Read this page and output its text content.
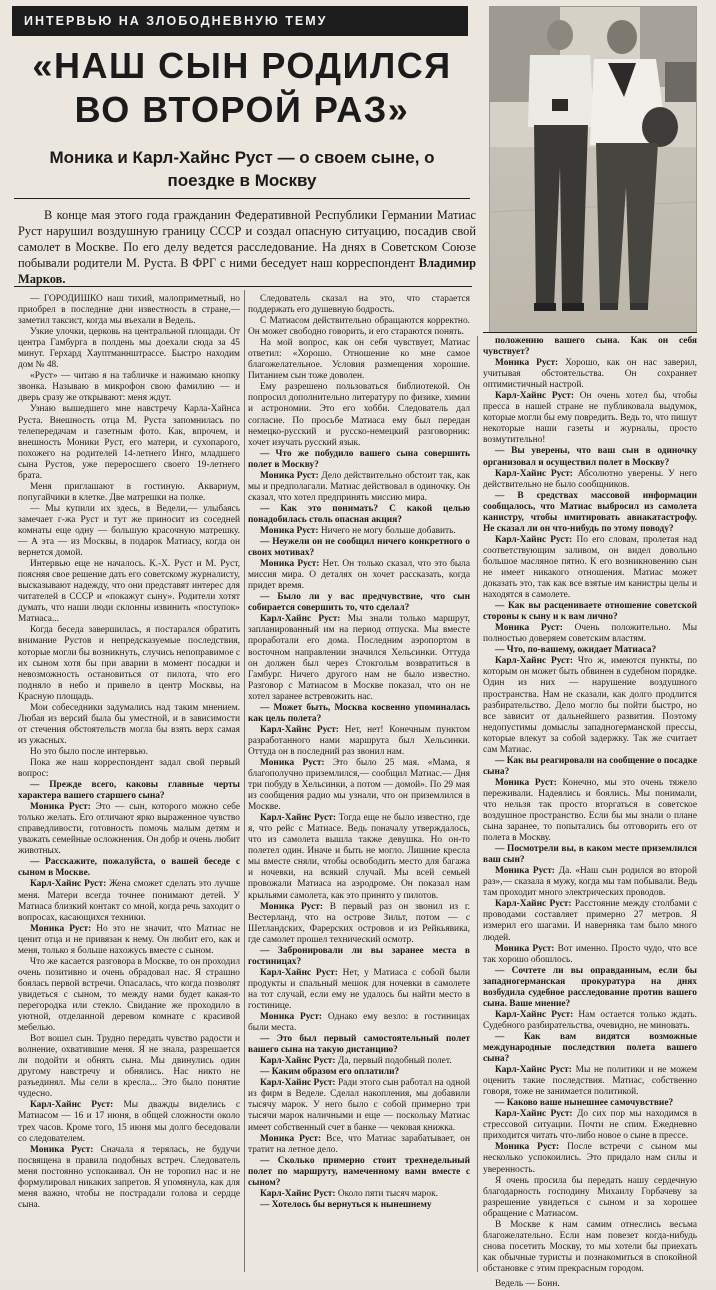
ИНТЕРВЬЮ НА ЗЛОБОДНЕВНУЮ ТЕМУ
«НАШ СЫН РОДИЛСЯ ВО ВТОРОЙ РАЗ»
Моника и Карл-Хайнс Руст — о своем сыне, о поездке в Москву

В конце мая этого года гражданин Федеративной Республики Германии Матиас Руст нарушил воздушную границу СССР и создал опасную ситуацию, посадив свой самолет в Москве. По его делу ведется расследование. На днях в Советском Союзе побывали родители М. Руста. В ФРГ с ними беседует наш корреспондент Владимир Марков.

— ГОРОДИШКО наш тихий, малоприметный, но приобрел в последние дни известность в стране,— заметил таксист, когда мы въехали в Ведель.

Узкие улочки, церковь на центральной площади. От центра Гамбурга в полдень мы доехали сюда за 45 минут. Герхард Хауптманнштрассе. Быстро находим дом № 48.

«Руст» — читаю я на табличке и нажимаю кнопку звонка. Называю в микрофон свою фамилию — и дверь сразу же открывают: меня ждут.

Узнаю вышедшего мне навстречу Карла-Хайнса Руста. Внешность отца М. Руста запомнилась по телепередачам и газетным фото. Как, впрочем, и внешность Моники Руст, его матери, и сухопарого, похожего на родителей 14-летнего Инго, младшего сына Рустов, уже переросшего своего 19-летнего брата.

Меня приглашают в гостиную. Аквариум, попугайчики в клетке. Две матрешки на полке.

— Мы купили их здесь, в Ведели,— улыбаясь замечает г-жа Руст и тут же приносит из соседней комнаты еще одну — большую красочную матрешку.— А эта — из Москвы, в подарок Матиасу, когда он вернется домой.

Интервью еще не началось. К.-Х. Руст и М. Руст, поясняя свое решение дать его советскому журналисту, высказывают надежду, что они представят интерес для читателей в СССР и «покажут сыну». Родители хотят думать, что наши люди склонны извинить «поступок» Матиаса...

Когда беседа завершилась, я постарался обратить внимание Рустов и непредсказуемые последствия, которые могли бы возникнуть, случись непоправимое с их сыном хотя бы при аварии в момент посадки и невозможность остановиться от пилота, что его подняло в небо и привело в центр Москвы, на Красную площадь.

Мои собеседники задумались над таким мнением. Любая из версий была бы уместной, и в зависимости от стечения обстоятельств могла бы взять верх самая из ужасных.

Но это было после интервью.

Пока же наш корреспондент задал свой первый вопрос:

— Прежде всего, каковы главные черты характера вашего старшего сына?

Моника Руст: Это — сын, которого можно себе только желать. Его отличают ярко выраженное чувство справедливости, готовность помочь малым детям и уважать семейные осложнения. Он добр и очень любит животных.

— Расскажите, пожалуйста, о вашей беседе с сыном в Москве.

Карл-Хайнс Руст: Жена сможет сделать это лучше меня. Матери всегда точнее понимают детей. У Матиаса близкий контакт со мной, когда речь заходит о вопросах, касающихся техники.

Моника Руст: Но это не значит, что Матиас не ценит отца и не привязан к нему. Он любит его, как и меня, только я больше нахожусь вместе с сыном.

Что же касается разговора в Москве, то он проходил очень позитивно и очень обрадовал нас. Я страшно боялась первой встречи. Опасалась, что когда позволят увидеться с сыном, то между нами будет какая-то перегородка или стекло. Свидание же проходило в уютной, отделанной деревом комнате с красивой мебелью.

Вот вошел сын. Трудно передать чувство радости и волнение, охватившие меня. Я не знала, разрешается ли подойти и обнять сына. Мы двинулись один другому навстречу и обнялись. Нас никто не разъединял. Мы сели в кресла... Это было понятие чудесно.

Карл-Хайнс Руст: Мы дважды виделись с Матиасом — 16 и 17 июня, в общей сложности около трех часов. Кроме того, 15 июня мы долго беседовали со следователем.

Моника Руст: Сначала я терялась, не будучи посвящена в правила подобных встреч. Следователь меня постоянно успокаивал. Он не торопил нас и не формулировал никаких запретов. Я упомянула, как для меня важно, чтобы не пострадали голова и сердце сына.

Следователь сказал на это, что старается поддержать его душевную бодрость.

С Матиасом действительно обращаются корректно. Он может свободно говорить, и его стараются понять.

На мой вопрос, как он себя чувствует, Матиас ответил: «Хорошо. Отношение ко мне самое благожелательное. Условия размещения хорошие. Питанием сын тоже доволен.

Ему разрешено пользоваться библиотекой. Он попросил дополнительно литературу по физике, химии и астрономии. Это его хобби. Следователь дал согласие. По просьбе Матиаса ему был передан немецко-русский и русско-немецкий разговорник: хочет изучать русский язык.

— Что же побудило вашего сына совершить полет в Москву?

Моника Руст: Дело действительно обстоит так, как мы и предполагали. Матиас действовал в одиночку. Он сказал, что хотел предпринять миссию мира.

— Как это понимать? С какой целью понадобилась столь опасная акция?

Моника Руст: Ничего не могу больше добавить.

— Неужели он не сообщил ничего конкретного о своих мотивах?

Моника Руст: Нет. Он только сказал, что это была миссия мира. О деталях он хочет рассказать, когда придет время.

— Было ли у вас предчувствие, что сын собирается совершить то, что сделал?

Карл-Хайнс Руст: Мы знали только маршрут, запланированный им на период отпуска. Мы вместе проработали его дома. Последним аэропортом в восточном направлении значился Хельсинки. Оттуда он должен был через Стокгольм возвратиться в Гамбург. Ничего другого нам не было известно. Разговор с Матиасом в Москве показал, что он не хотел заранее встревожить нас.

— Может быть, Москва косвенно упоминалась как цель полета?

Карл-Хайнс Руст: Нет, нет! Конечным пунктом разработанного нами маршрута был Хельсинки. Оттуда он в последний раз звонил нам.

Моника Руст: Это было 25 мая. «Мама, я благополучно приземлился,— сообщил Матиас.— Дня три побуду в Хельсинки, а потом — домой». По 29 мая из сообщения радио мы узнали, что он приземлился в Москве.

Карл-Хайнс Руст: Тогда еще не было известно, где я, что рейс с Матиасе. Ведь поначалу утверждалось, что из самолета вышла также девушка. Но он-то полетел один. Иначе и быть не могло. Лишние кресла мы вместе сняли, чтобы освободить место для багажа и ночевки, на всякий случай. Мы всей семьей провожали Матиаса на аэродроме. Он показал нам крыльями самолета, как это принято у пилотов.

Моника Руст: В первый раз он звонил из г. Вестерланд, что на острове Зильт, потом — с Шетландских, Фарерских островов и из Рейкьявика, где самолет прошел технический осмотр.

— Забронировали ли вы заранее места в гостиницах?

Карл-Хайнс Руст: Нет, у Матиаса с собой были продукты и спальный мешок для ночевки в самолете на тот случай, если ему не удалось бы найти место в гостинице.

Моника Руст: Однако ему везло: в гостиницах были места.

— Это был первый самостоятельный полет вашего сына на такую дистанцию?

Карл-Хайнс Руст: Да, первый подобный полет.

— Каким образом его оплатили?

Карл-Хайнс Руст: Ради этого сын работал на одной из фирм в Веделе. Сделал накопления, мы добавили тысячу марок. У него было с собой примерно три тысячи марок наличными и еще — поскольку Матиас имеет собственный счет в банке — чековая книжка.

Моника Руст: Все, что Матиас зарабатывает, он тратит на летное дело.

— Сколько примерно стоит трехнедельный полет по маршруту, намеченному вами вместе с сыном?

Карл-Хайнс Руст: Около пяти тысяч марок.

— Хотелось бы вернуться к нынешнему

положению вашего сына. Как он себя чувствует?

Моника Руст: Хорошо, как он нас заверил, учитывая обстоятельства. Он сохраняет оптимистичный настрой.

Карл-Хайнс Руст: Он очень хотел бы, чтобы пресса в нашей стране не публиковала выдумок, которые могли бы ему повредить. Ведь то, что пишут некоторые наши газеты и журналы, просто возмутительно!

— Вы уверены, что ваш сын в одиночку организовал и осуществил полет в Москву?

Карл-Хайнс Руст: Абсолютно уверены. У него действительно не было сообщников.

— В средствах массовой информации сообщалось, что Матиас выбросил из самолета канистру, чтобы имитировать авиакатастрофу. Не сказал ли он что-нибудь по этому поводу?

Карл-Хайнс Руст: По его словам, пролетая над соответствующим заливом, он видел довольно большое масляное пятно. К его возникновению сын не имеет никакого отношения. Матиас может доказать это, так как все взятые им канистры целы и находятся в самолете.

— Как вы расцениваете отношение советской стороны к сыну и к вам лично?

Моника Руст: Очень положительно. Мы полностью доверяем советским властям.

— Что, по-вашему, ожидает Матиаса?

Карл-Хайнс Руст: Что ж, имеются пункты, по которым он может быть обвинен в судебном порядке. Один из них — нарушение воздушного пространства. Нам не сказали, как долго продлится разбирательство. Дело могло бы пойти быстро, но все зависит от дальнейшего развития. Поэтому недопустимы домыслы западногерманской прессы, которые влекут за собой задержку. Так же считает сам Матиас.

— Как вы реагировали на сообщение о посадке сына?

Моника Руст: Конечно, мы это очень тяжело переживали. Надеялись и боялись. Мы понимали, что нельзя так просто вторгаться в советское воздушное пространство. Если бы мы знали о плане сына заранее, то попытались бы отговорить его от полета в Москву.

— Посмотрели вы, в каком месте приземлился ваш сын?

Моника Руст: Да. «Наш сын родился во второй раз»,— сказала я мужу, когда мы там побывали. Ведь там проходит много электрических проводов.

Карл-Хайнс Руст: Расстояние между столбами с проводами составляет примерно 27 метров. Я измерил его шагами. И наверняка там было много людей.

Моника Руст: Вот именно. Просто чудо, что все так хорошо обошлось.

— Сочтете ли вы оправданным, если бы западногерманская прокуратура на днях возбудила судебное расследование против вашего сына. Ваше мнение?

Карл-Хайнс Руст: Нам остается только ждать. Судебного разбирательства, очевидно, не миновать.

— Как вам видятся возможные международные последствия полета вашего сына?

Карл-Хайнс Руст: Мы не политики и не можем оценить такие последствия. Матиас, собственно говоря, тоже не занимается политикой.

— Каково ваше нынешнее самочувствие?

Карл-Хайнс Руст: До сих пор мы находимся в стрессовой ситуации. Почти не спим. Ежедневно приходится читать что-либо новое о сыне в прессе.

Моника Руст: После встречи с сыном мы несколько успокоились. Это придало нам силы и уверенность.

Я очень просила бы передать нашу сердечную благодарность господину Михаилу Горбачеву за разрешение увидеться с сыном и за хорошее обращение с Матиасом.

В Москве к нам самим отнеслись весьма благожелательно. Если нам повезет когда-нибудь снова посетить Москву, то мы хотели бы приехать как обычные туристы и познакомиться в спокойной обстановке с этим прекрасным городом.

Ведель — Бонн.
